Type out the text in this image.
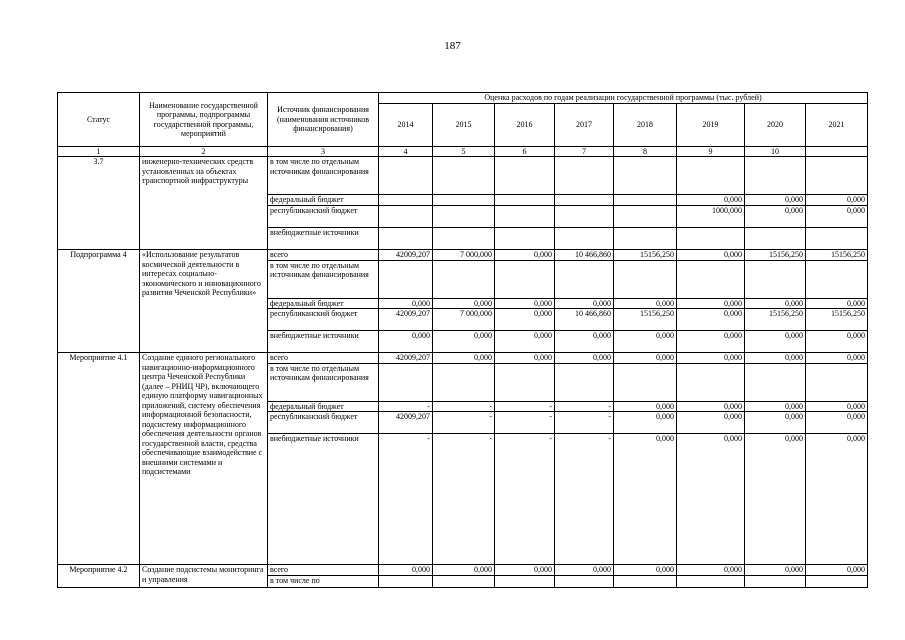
187
Статус	Наименование государственной программы, подпрограммы государственной программы, мероприятий	Источник финансирования (наименования источников финансирования)	Оценка расходов по годам реализации государственной программы (тыс. рублей)							
			2014	2015	2016	2017	2018	2019	2020	2021
1	2	3	4	5	6	7	8	9	10	
3.7	инженерно-технических средств установленных на объектах транспортной инфраструктуры	в том числе по отдельным источникам финансирования								
		федеральный бюджет						0,000	0,000	0,000
		республиканский бюджет						1000,000	0,000	0,000
		внебюджетные источники								
Подпрограмма 4	«Использование результатов космической деятельности в интересах социально-экономического и инновационного развития Чеченской Республики»	всего	42009,207	7 000,000	0,000	10 466,860	15156,250	0,000	15156,250	15156,250
		в том числе по отдельным источникам финансирования								
		федеральный бюджет	0,000	0,000	0,000	0,000	0,000	0,000	0,000	0,000
		республиканский бюджет	42009,207	7 000,000	0,000	10 466,860	15156,250	0,000	15156,250	15156,250
		внебюджетные источники	0,000	0,000	0,000	0,000	0,000	0,000	0,000	0,000
Мероприятие 4.1	Создание единого регионального навигационно-информационного центра Чеченской Республики (далее – РНИЦ ЧР), включающего единую платформу навигационных приложений, систему обеспечения информационной безопасности, подсистему информационного обеспечения деятельности органов государственной власти, средства обеспечивающие взаимодействие с внешними системами и подсистемами	всего	42009,207	0,000	0,000	0,000	0,000	0,000	0,000	0,000
		в том числе по отдельным источникам финансирования								
		федеральный бюджет	-	-	-	-	0,000	0,000	0,000	0,000
		республиканский бюджет	42009,207	-	-	-	0,000	0,000	0,000	0,000
		внебюджетные источники	-	-	-	-	0,000	0,000	0,000	0,000
Мероприятие 4.2	Создание подсистемы мониторинга и управления	всего	0,000	0,000	0,000	0,000	0,000	0,000	0,000	0,000
		в том числе по								
